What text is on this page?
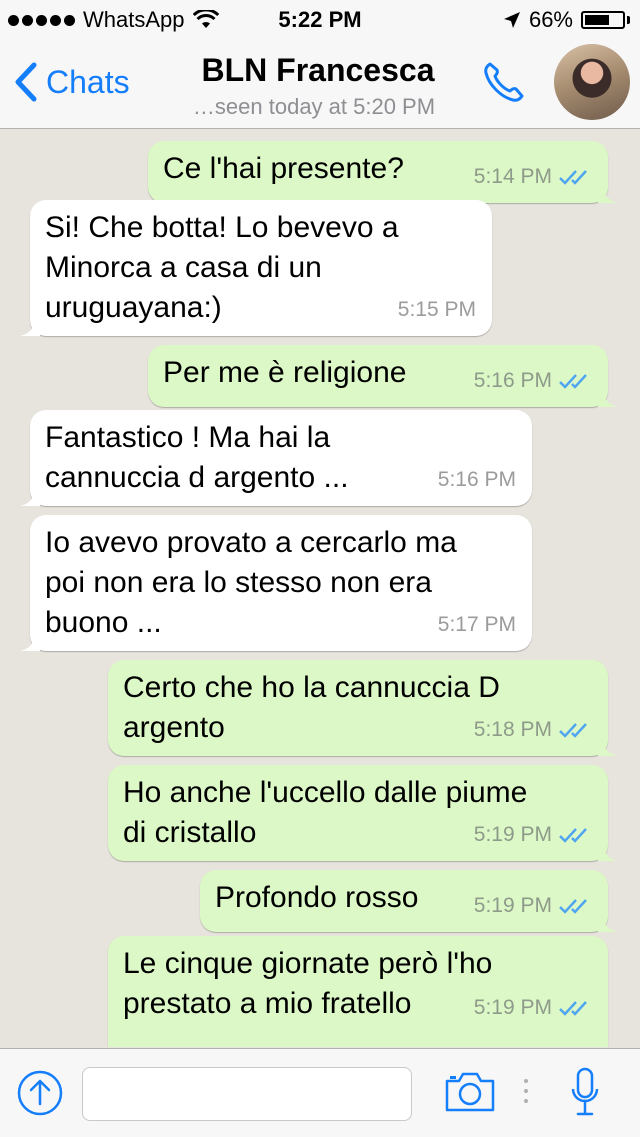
WhatsApp	5:22 PM	66%
Chats	BLN Francesca
…seen today at 5:20 PM
Ce l'hai presente?	5:14 PM
Si! Che botta! Lo bevevo a
Minorca a casa di un
uruguayana:)	5:15 PM
Per me è religione	5:16 PM
Fantastico ! Ma hai la
cannuccia d argento ...	5:16 PM
Io avevo provato a cercarlo ma
poi non era lo stesso non era
buono ...	5:17 PM
Certo che ho la cannuccia D
argento	5:18 PM
Ho anche l'uccello dalle piume
di cristallo	5:19 PM
Profondo rosso	5:19 PM
Le cinque giornate però l'ho
prestato a mio fratello	5:19 PM
